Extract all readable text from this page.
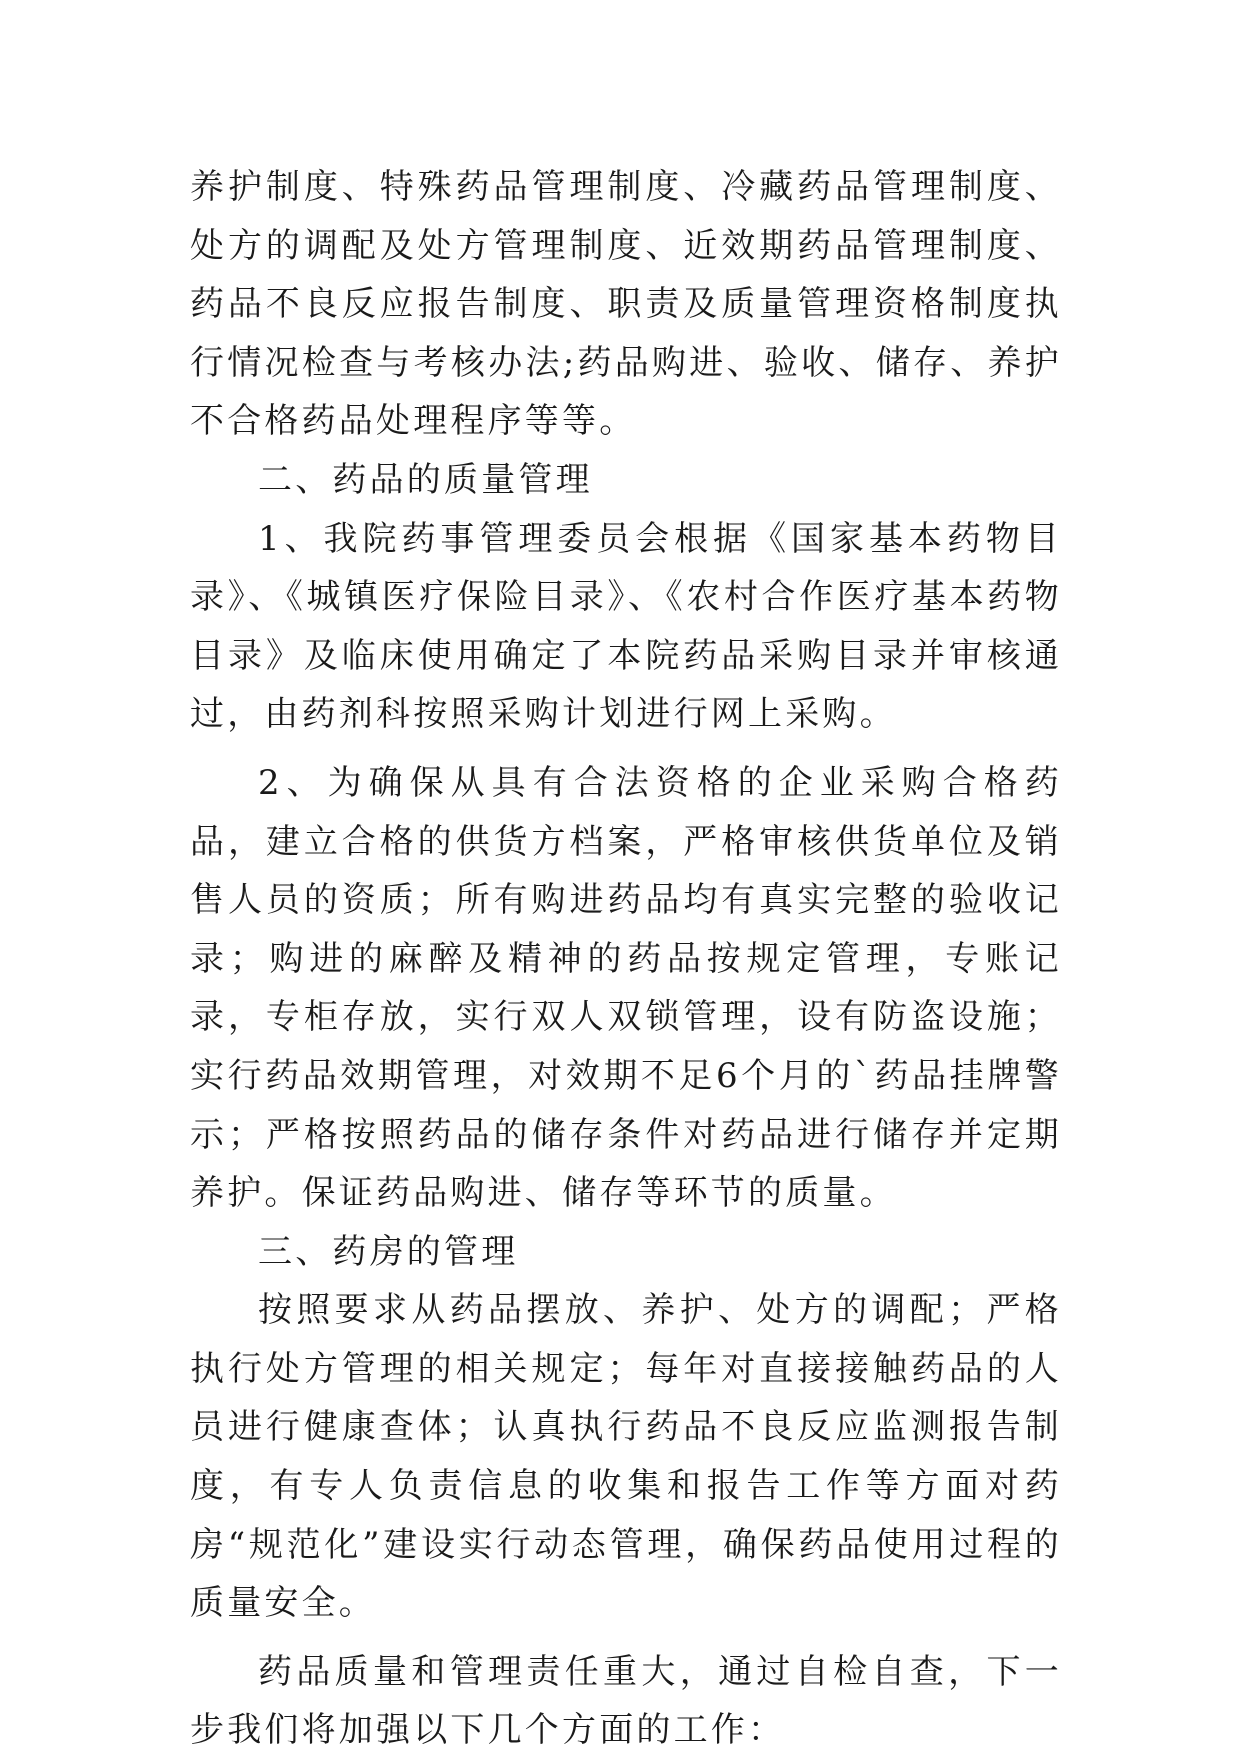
养护制度、特殊药品管理制度、冷藏药品管理制度、处方的调配及处方管理制度、近效期药品管理制度、药品不良反应报告制度、职责及质量管理资格制度执行情况检查与考核办法;药品购进、验收、储存、养护不合格药品处理程序等等。

二、药品的质量管理

1、我院药事管理委员会根据《国家基本药物目录》、《城镇医疗保险目录》、《农村合作医疗基本药物目录》及临床使用确定了本院药品采购目录并审核通过，由药剂科按照采购计划进行网上采购。

2、为确保从具有合法资格的企业采购合格药品，建立合格的供货方档案，严格审核供货单位及销售人员的资质；所有购进药品均有真实完整的验收记录；购进的麻醉及精神的药品按规定管理，专账记录，专柜存放，实行双人双锁管理，设有防盗设施；实行药品效期管理，对效期不足6个月的`药品挂牌警示；严格按照药品的储存条件对药品进行储存并定期养护。保证药品购进、储存等环节的质量。

三、药房的管理

按照要求从药品摆放、养护、处方的调配；严格执行处方管理的相关规定；每年对直接接触药品的人员进行健康查体；认真执行药品不良反应监测报告制度，有专人负责信息的收集和报告工作等方面对药房“规范化”建设实行动态管理，确保药品使用过程的质量安全。

药品质量和管理责任重大，通过自检自查，下一步我们将加强以下几个方面的工作：
